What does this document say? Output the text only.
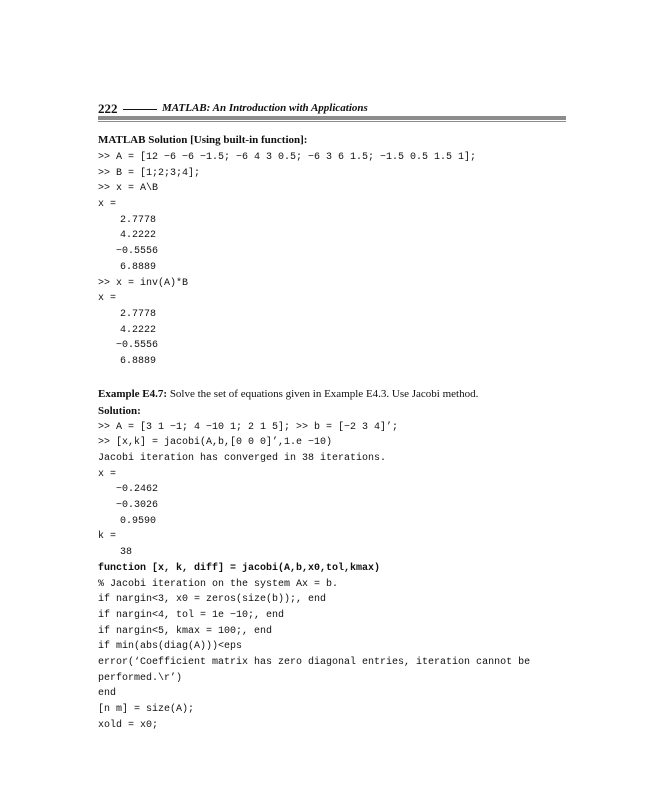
222	MATLAB: An Introduction with Applications
MATLAB Solution [Using built-in function]:
>> A = [12 −6 −6 −1.5; −6 4 3 0.5; −6 3 6 1.5; −1.5 0.5 1.5 1];
>> B = [1;2;3;4];
>> x = A\B
x =
2.7778
4.2222
−0.5556
6.8889
>> x = inv(A)*B
x =
2.7778
4.2222
−0.5556
6.8889
Example E4.7: Solve the set of equations given in Example E4.3. Use Jacobi method.
Solution:
>> A = [3 1 −1; 4 −10 1; 2 1 5]; >> b = [−2 3 4]’;
>> [x,k] = jacobi(A,b,[0 0 0]’,1.e −10)
Jacobi iteration has converged in 38 iterations.
x =
−0.2462
−0.3026
0.9590
k =
38
function [x, k, diff] = jacobi(A,b,x0,tol,kmax)
% Jacobi iteration on the system Ax = b.
if nargin<3, x0 = zeros(size(b));, end
if nargin<4, tol = 1e −10;, end
if nargin<5, kmax = 100;, end
if min(abs(diag(A)))<eps
error(‘Coefficient matrix has zero diagonal entries, iteration cannot be performed.\r’)
end
[n m] = size(A);
xold = x0;
